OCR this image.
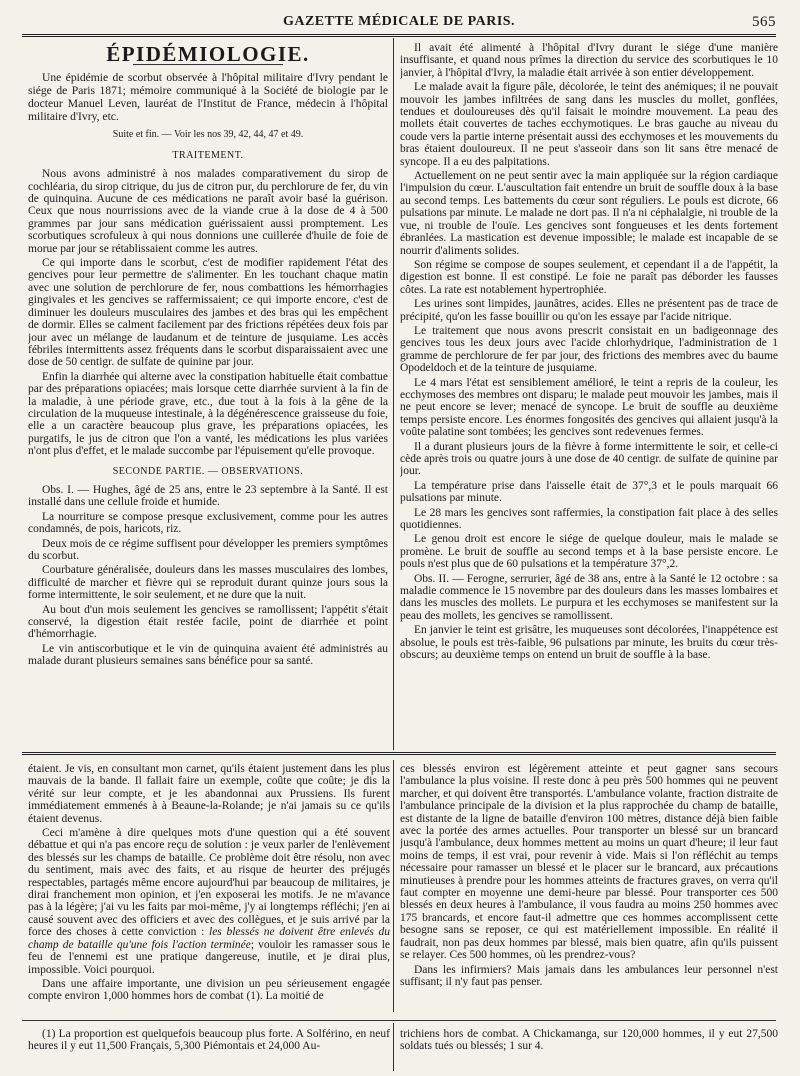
GAZETTE MÉDICALE DE PARIS.	565
ÉPIDÉMIOLOGIE.

Une épidémie de scorbut observée à l'hôpital militaire d'Ivry pendant le siége de Paris 1871; mémoire communiqué à la Société de biologie par le docteur Manuel Leven, lauréat de l'Institut de France, médecin à l'hôpital militaire d'Ivry, etc.

Suite et fin. — Voir les nos 39, 42, 44, 47 et 49.
TRAITEMENT.

Nous avons administré à nos malades comparativement du sirop de cochléaria, du sirop citrique, du jus de citron pur, du perchlorure de fer, du vin de quinquina. Aucune de ces médications ne paraît avoir basé la guérison. Ceux que nous nourrissions avec de la viande crue à la dose de 4 à 500 grammes par jour sans médication guérissaient aussi promptement. Les scorbutiques scrofuleux à qui nous donnions une cuillerée d'huile de foie de morue par jour se rétablissaient comme les autres.

Ce qui importe dans le scorbut, c'est de modifier rapidement l'état des gencives pour leur permettre de s'alimenter. En les touchant chaque matin avec une solution de perchlorure de fer, nous combattions les hémorrhagies gingivales et les gencives se raffermissaient; ce qui importe encore, c'est de diminuer les douleurs musculaires des jambes et des bras qui les empêchent de dormir. Elles se calment facilement par des frictions répétées deux fois par jour avec un mélange de laudanum et de teinture de jusquiame. Les accès fébriles intermittents assez fréquents dans le scorbut disparaissaient avec une dose de 50 centigr. de sulfate de quinine par jour.

Enfin la diarrhée qui alterne avec la constipation habituelle était combattue par des préparations opiacées; mais lorsque cette diarrhée survient à la fin de la maladie, à une période grave, etc., due tout à la fois à la gêne de la circulation de la muqueuse intestinale, à la dégénérescence graisseuse du foie, elle a un caractère beaucoup plus grave, les préparations opiacées, les purgatifs, le jus de citron que l'on a vanté, les médications les plus variées n'ont plus d'effet, et le malade succombe par l'épuisement qu'elle provoque.

SECONDE PARTIE. — OBSERVATIONS.

Obs. I. — Hughes, âgé de 25 ans, entre le 23 septembre à la Santé. Il est installé dans une cellule froide et humide.

La nourriture se compose presque exclusivement, comme pour les autres condamnés, de pois, haricots, riz.

Deux mois de ce régime suffisent pour développer les premiers symptômes du scorbut.

Courbature généralisée, douleurs dans les masses musculaires des lombes, difficulté de marcher et fièvre qui se reproduit durant quinze jours sous la forme intermittente, le soir seulement, et ne dure que la nuit.

Au bout d'un mois seulement les gencives se ramollissent; l'appétit s'était conservé, la digestion était restée facile, point de diarrhée et point d'hémorrhagie.

Le vin antiscorbutique et le vin de quinquina avaient été administrés au malade durant plusieurs semaines sans bénéfice pour sa santé.

Il avait été alimenté à l'hôpital d'Ivry durant le siége d'une manière insuffisante, et quand nous prîmes la direction du service des scorbutiques le 10 janvier, à l'hôpital d'Ivry, la maladie était arrivée à son entier développement.

Le malade avait la figure pâle, décolorée, le teint des anémiques; il ne pouvait mouvoir les jambes infiltrées de sang dans les muscles du mollet, gonflées, tendues et douloureuses dès qu'il faisait le moindre mouvement. La peau des mollets était couvertes de taches ecchymotiques. Le bras gauche au niveau du coude vers la partie interne présentait aussi des ecchymoses et les mouvements du bras étaient douloureux. Il ne peut s'asseoir dans son lit sans être menacé de syncope. Il a eu des palpitations.

Actuellement on ne peut sentir avec la main appliquée sur la région cardiaque l'impulsion du cœur. L'auscultation fait entendre un bruit de souffle doux à la base au second temps. Les battements du cœur sont réguliers. Le pouls est dicrote, 66 pulsations par minute. Le malade ne dort pas. Il n'a ni céphalalgie, ni trouble de la vue, ni trouble de l'ouïe. Les gencives sont fongueuses et les dents fortement ébranlées. La mastication est devenue impossible; le malade est incapable de se nourrir d'aliments solides.

Son régime se compose de soupes seulement, et cependant il a de l'appétit, la digestion est bonne. Il est constipé. Le foie ne paraît pas déborder les fausses côtes. La rate est notablement hypertrophiée.

Les urines sont limpides, jaunâtres, acides. Elles ne présentent pas de trace de précipité, qu'on les fasse bouillir ou qu'on les essaye par l'acide nitrique.

Le traitement que nous avons prescrit consistait en un badigeonnage des gencives tous les deux jours avec l'acide chlorhydrique, l'administration de 1 gramme de perchlorure de fer par jour, des frictions des membres avec du baume Opodeldoch et de la teinture de jusquiame.

Le 4 mars l'état est sensiblement amélioré, le teint a repris de la couleur, les ecchymoses des membres ont disparu; le malade peut mouvoir les jambes, mais il ne peut encore se lever; menacé de syncope. Le bruit de souffle au deuxième temps persiste encore. Les énormes fongosités des gencives qui allaient jusqu'à la voûte palatine sont tombées; les gencives sont redevenues fermes.

Il a durant plusieurs jours de la fièvre à forme intermittente le soir, et celle-ci cède après trois ou quatre jours à une dose de 40 centigr. de sulfate de quinine par jour.

La température prise dans l'aisselle était de 37°,3 et le pouls marquait 66 pulsations par minute.

Le 28 mars les gencives sont raffermies, la constipation fait place à des selles quotidiennes.

Le genou droit est encore le siége de quelque douleur, mais le malade se promène. Le bruit de souffle au second temps et à la base persiste encore. Le pouls n'est plus que de 60 pulsations et la température 37°,2.

Obs. II. — Ferogne, serrurier, âgé de 38 ans, entre à la Santé le 12 octobre : sa maladie commence le 15 novembre par des douleurs dans les masses lombaires et dans les muscles des mollets. Le purpura et les ecchymoses se manifestent sur la peau des mollets, les gencives se ramollissent.

En janvier le teint est grisâtre, les muqueuses sont décolorées, l'inappétence est absolue, le pouls est très-faible, 96 pulsations par minute, les bruits du cœur très-obscurs; au deuxième temps on entend un bruit de souffle à la base.

étaient. Je vis, en consultant mon carnet, qu'ils étaient justement dans les plus mauvais de la bande. Il fallait faire un exemple, coûte que coûte; je dis la vérité sur leur compte, et je les abandonnai aux Prussiens. Ils furent immédiatement emmenés à à Beaune-la-Rolande; je n'ai jamais su ce qu'ils étaient devenus.

Ceci m'amène à dire quelques mots d'une question qui a été souvent débattue et qui n'a pas encore reçu de solution : je veux parler de l'enlèvement des blessés sur les champs de bataille. Ce problème doit être résolu, non avec du sentiment, mais avec des faits, et au risque de heurter des préjugés respectables, partagés même encore aujourd'hui par beaucoup de militaires, je dirai franchement mon opinion, et j'en exposerai les motifs. Je ne m'avance pas à la légère; j'ai vu les faits par moi-même, j'y ai longtemps réfléchi; j'en ai causé souvent avec des officiers et avec des collègues, et je suis arrivé par la force des choses à cette conviction : les blessés ne doivent être enlevés du champ de bataille qu'une fois l'action terminée; vouloir les ramasser sous le feu de l'ennemi est une pratique dangereuse, inutile, et je dirai plus, impossible. Voici pourquoi.

Dans une affaire importante, une division un peu sérieusement engagée compte environ 1,000 hommes hors de combat (1). La moitié de

ces blessés environ est légèrement atteinte et peut gagner sans secours l'ambulance la plus voisine. Il reste donc à peu près 500 hommes qui ne peuvent marcher, et qui doivent être transportés. L'ambulance volante, fraction distraite de l'ambulance principale de la division et la plus rapprochée du champ de bataille, est distante de la ligne de bataille d'environ 100 mètres, distance déjà bien faible avec la portée des armes actuelles. Pour transporter un blessé sur un brancard jusqu'à l'ambulance, deux hommes mettent au moins un quart d'heure; il leur faut moins de temps, il est vrai, pour revenir à vide. Mais si l'on réfléchit au temps nécessaire pour ramasser un blessé et le placer sur le brancard, aux précautions minutieuses à prendre pour les hommes atteints de fractures graves, on verra qu'il faut compter en moyenne une demi-heure par blessé. Pour transporter ces 500 blessés en deux heures à l'ambulance, il vous faudra au moins 250 hommes avec 175 brancards, et encore faut-il admettre que ces hommes accomplissent cette besogne sans se reposer, ce qui est matériellement impossible. En réalité il faudrait, non pas deux hommes par blessé, mais bien quatre, afin qu'ils puissent se relayer. Ces 500 hommes, où les prendrez-vous?

Dans les infirmiers? Mais jamais dans les ambulances leur personnel n'est suffisant; il n'y faut pas penser.

(1) La proportion est quelquefois beaucoup plus forte. A Solférino, en neuf heures il y eut 11,500 Français, 5,300 Piémontais et 24,000 Au-

trichiens hors de combat. A Chickamanga, sur 120,000 hommes, il y eut 27,500 soldats tués ou blessés; 1 sur 4.
